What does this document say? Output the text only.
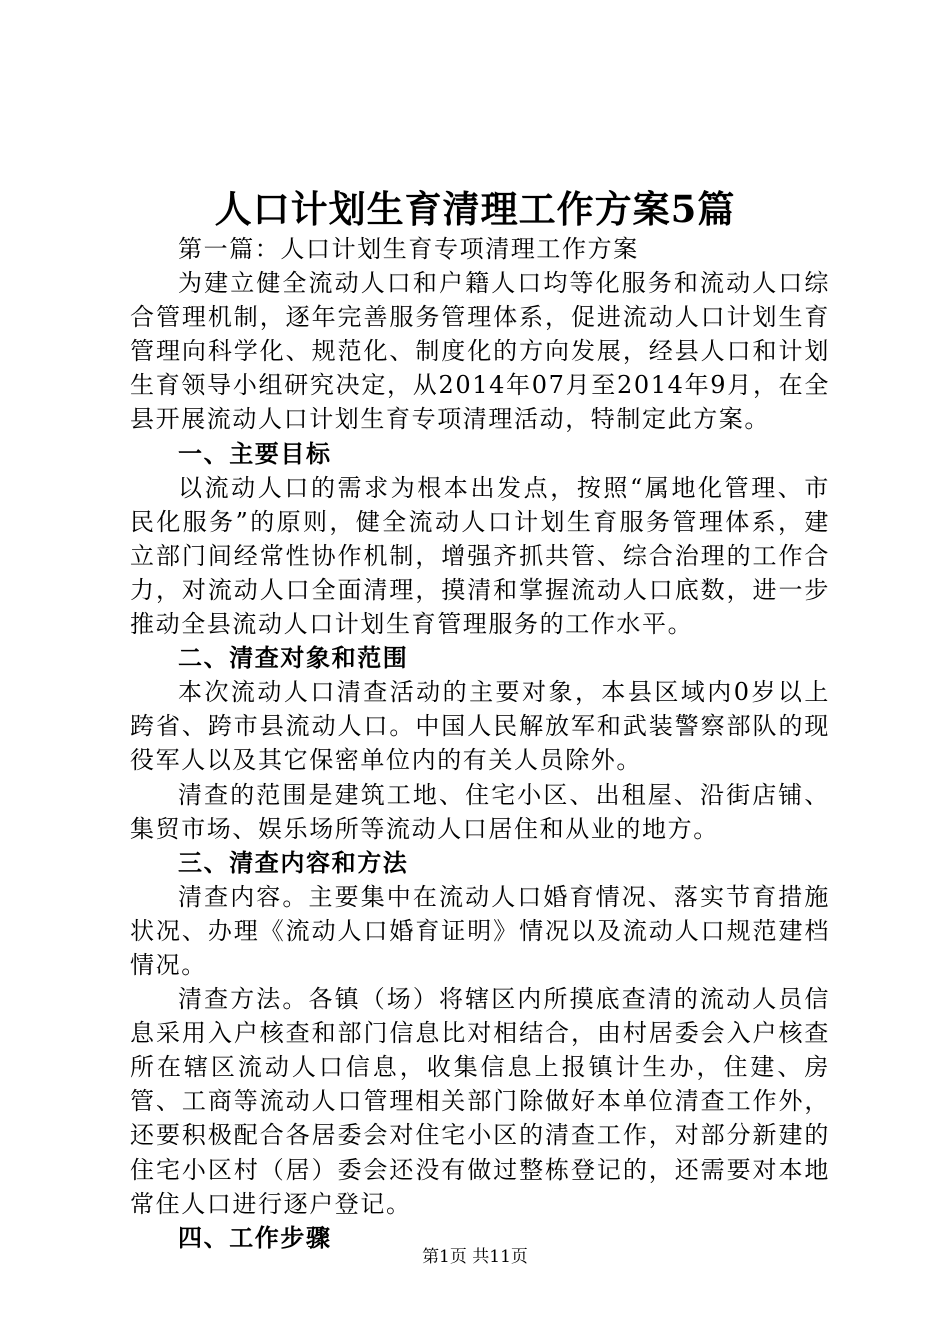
人口计划生育清理工作方案5篇

第一篇：人口计划生育专项清理工作方案

为建立健全流动人口和户籍人口均等化服务和流动人口综合管理机制，逐年完善服务管理体系，促进流动人口计划生育管理向科学化、规范化、制度化的方向发展，经县人口和计划生育领导小组研究决定，从2014年07月至2014年9月，在全县开展流动人口计划生育专项清理活动，特制定此方案。

一、主要目标

以流动人口的需求为根本出发点，按照“属地化管理、市民化服务”的原则，健全流动人口计划生育服务管理体系，建立部门间经常性协作机制，增强齐抓共管、综合治理的工作合力，对流动人口全面清理，摸清和掌握流动人口底数，进一步推动全县流动人口计划生育管理服务的工作水平。

二、清查对象和范围

本次流动人口清查活动的主要对象，本县区域内0岁以上跨省、跨市县流动人口。中国人民解放军和武装警察部队的现役军人以及其它保密单位内的有关人员除外。

清查的范围是建筑工地、住宅小区、出租屋、沿街店铺、集贸市场、娱乐场所等流动人口居住和从业的地方。

三、清查内容和方法

清查内容。主要集中在流动人口婚育情况、落实节育措施状况、办理《流动人口婚育证明》情况以及流动人口规范建档情况。

清查方法。各镇（场）将辖区内所摸底查清的流动人员信息采用入户核查和部门信息比对相结合，由村居委会入户核查所在辖区流动人口信息，收集信息上报镇计生办，住建、房管、工商等流动人口管理相关部门除做好本单位清查工作外，还要积极配合各居委会对住宅小区的清查工作，对部分新建的住宅小区村（居）委会还没有做过整栋登记的，还需要对本地常住人口进行逐户登记。

四、工作步骤

第1页 共11页
